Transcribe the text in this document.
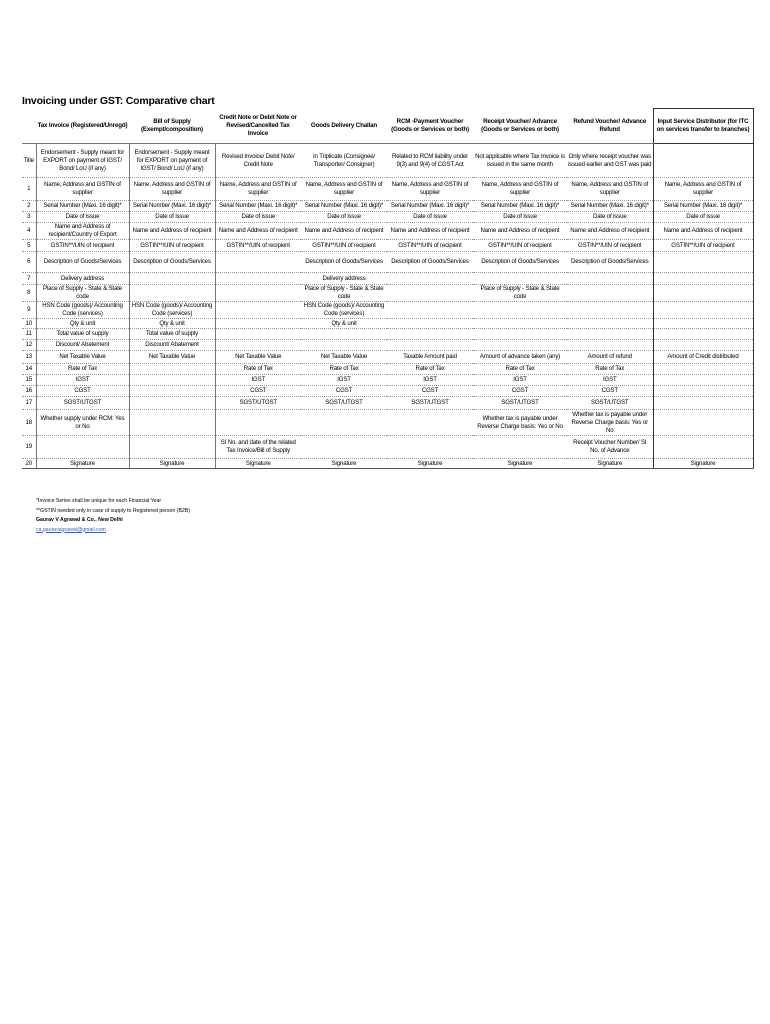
Invoicing under GST: Comparative chart
	Tax Invoice (Registered/Unregd)	Bill of Supply (Exempt/composition)	Credit Note or Debit Note or Revised/Cancelled Tax Invoice	Goods Delivery Challan	RCM -Payment Voucher (Goods or Services or both)	Receipt Voucher/ Advance (Goods or Services or both)	Refund Voucher/ Advance Refund	Input Service Distributor (for ITC on services transfer to branches)
Title	Endorsement - Supply meant for EXPORT on payment of IGST/ Bond/ LoU (if any)	Endorsement - Supply meant for EXPORT on payment of IGST/ Bond/ LoU (if any)	Revised Invoice/ Debit Note/ Credit Note	In Triplicate (Consignee/ Transporter/ Consigner)	Related to RCM liability under 9(3) and 9(4) of CGST Act	Not applicable where Tax Invoice is issued in the same month	Only where receipt voucher was issued earlier and GST was paid	
1	Name, Address and GSTIN of supplier	Name, Address and GSTIN of supplier	Name, Address and GSTIN of supplier	Name, Address and GSTIN of supplier	Name, Address and GSTIN of supplier	Name, Address and GSTIN of supplier	Name, Address and GSTIN of supplier	Name, Address and GSTIN of supplier
2	Serial Number (Maxi. 16 digit)*	Serial Number (Maxi. 16 digit)*	Serial Number (Maxi. 16 digit)*	Serial Number (Maxi. 16 digit)*	Serial Number (Maxi. 16 digit)*	Serial Number (Maxi. 16 digit)*	Serial Number (Maxi. 16 digit)*	Serial Number (Maxi. 16 digit)*
3	Date of issue	Date of issue	Date of issue	Date of issue	Date of issue	Date of issue	Date of issue	Date of issue
4	Name and Address of recipient/Country of Export	Name and Address of recipient	Name and Address of recipient	Name and Address of recipient	Name and Address of recipient	Name and Address of recipient	Name and Address of recipient	Name and Address of recipient
5	GSTIN**/UIN of recipient	GSTIN**/UIN of recipient	GSTIN**/UIN of recipient	GSTIN**/UIN of recipient	GSTIN**/UIN of recipient	GSTIN**/UIN of recipient	GSTIN**/UIN of recipient	GSTIN**/UIN of recipient
6	Description of Goods/Services	Description of Goods/Services		Description of Goods/Services	Description of Goods/Services	Description of Goods/Services	Description of Goods/Services	
7	Delivery address			Delivery address				
8	Place of Supply - State & State code			Place of Supply - State & State code		Place of Supply - State & State code		
9	HSN Code (goods)/ Accounting Code (services)	HSN Code (goods)/ Accounting Code (services)		HSN Code (goods)/ Accounting Code (services)				
10	Qty & unit	Qty & unit		Qty & unit				
11	Total value of supply	Total value of supply						
12	Discount/ Abatement	Discount/ Abatement						
13	Net Taxable Value	Net Taxable Value	Net Taxable Value	Net Taxable Value	Taxable Amount paid	Amount of advance taken (any)	Amount of refund	Amount of Credit distributed
14	Rate of Tax		Rate of Tax	Rate of Tax	Rate of Tax	Rate of Tax	Rate of Tax	
15	IGST		IGST	IGST	IGST	IGST	IGST	
16	CGST		CGST	CGST	CGST	CGST	CGST	
17	SGST/UTGST		SGST/UTGST	SGST/UTGST	SGST/UTGST	SGST/UTGST	SGST/UTGST	
18	Whether supply under RCM: Yes or No					Whether tax is payable under Reverse Charge basis: Yes or No	Whether tax is payable under Reverse Charge basis: Yes or No	
19			SI No. and date of the related Tax Invoice/Bill of Supply				Receipt Voucher Number/ SI No. of Advance	
20	Signature	Signature	Signature	Signature	Signature	Signature	Signature	Signature
*Invoice Series shall be unique for each Financial Year
**GSTIN needed only in case of supply to Registered person (B2B)
Gaurav V Agrawal & Co., New Delhi
ca.gauravagrawal@gmail.com
